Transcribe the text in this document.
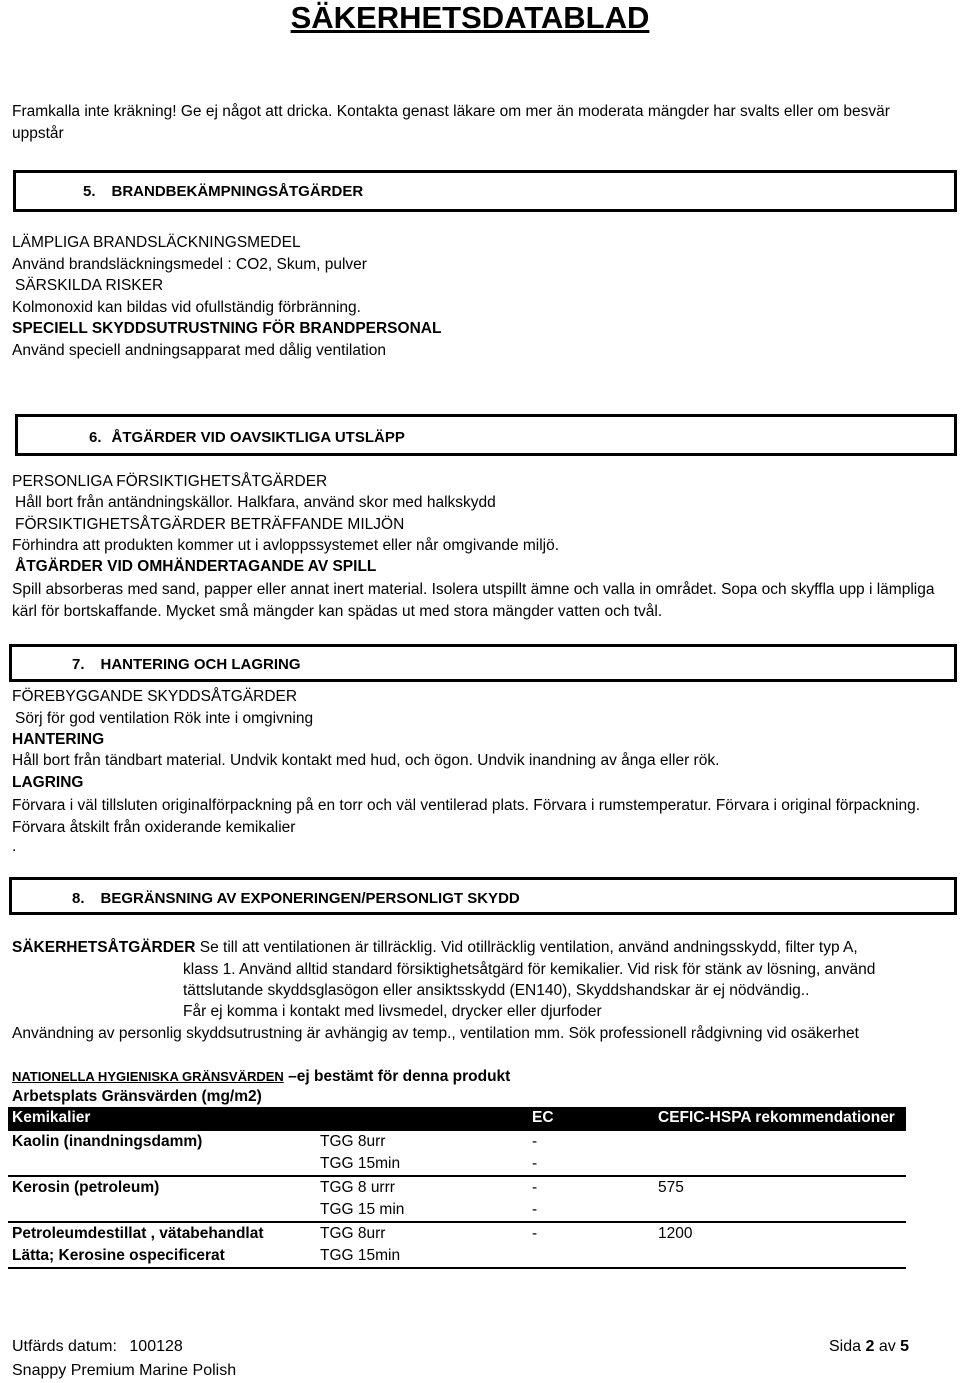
SÄKERHETSDATABLAD
Framkalla inte kräkning! Ge ej något att dricka. Kontakta genast läkare om mer än moderata mängder har svalts eller om besvär uppstår
5. BRANDBEKÄMPNINGSÅTGÄRDER
LÄMPLIGA BRANDSLÄCKNINGSMEDEL
Använd brandsläckningsmedel : CO2, Skum, pulver
SÄRSKILDA RISKER
Kolmonoxid kan bildas vid ofullständig förbränning.
SPECIELL SKYDDSUTRUSTNING FÖR BRANDPERSONAL
Använd speciell andningsapparat med dålig ventilation
6. ÅTGÄRDER VID OAVSIKTLIGA UTSLÄPP
PERSONLIGA FÖRSIKTIGHETSÅTGÄRDER
Håll bort från antändningskällor. Halkfara, använd skor med halkskydd
FÖRSIKTIGHETSÅTGÄRDER BETRÄFFANDE MILJÖN
Förhindra att produkten kommer ut i avloppssystemet eller når omgivande miljö.
ÅTGÄRDER VID OMHÄNDERTAGANDE AV SPILL
Spill absorberas med sand, papper eller annat inert material. Isolera utspillt ämne och valla in området. Sopa och skyffla upp i lämpliga kärl för bortskaffande. Mycket små mängder kan spädas ut med stora mängder vatten och tvål.
7. HANTERING OCH LAGRING
FÖREBYGGANDE SKYDDSÅTGÄRDER
Sörj för god ventilation Rök inte i omgivning
HANTERING
Håll bort från tändbart material. Undvik kontakt med hud, och ögon. Undvik inandning av ånga eller rök.
LAGRING
Förvara i väl tillsluten originalförpackning på en torr och väl ventilerad plats. Förvara i rumstemperatur. Förvara i original förpackning. Förvara åtskilt från oxiderande kemikalier
.
8. BEGRÄNSNING AV EXPONERINGEN/PERSONLIGT SKYDD
SÄKERHETSÅTGÄRDER Se till att ventilationen är tillräcklig. Vid otillräcklig ventilation, använd andningsskydd, filter typ A,
klass 1. Använd alltid standard försiktighetsåtgärd för kemikalier. Vid risk för stänk av lösning, använd
tättslutande skyddsglasögon eller ansiktsskydd (EN140), Skyddshandskar är ej nödvändig..
Får ej komma i kontakt med livsmedel, drycker eller djurfoder
Användning av personlig skyddsutrustning är avhängig av temp., ventilation mm. Sök professionell rådgivning vid osäkerhet
NATIONELLA HYGIENISKA GRÄNSVÄRDEN –ej bestämt för denna produkt
Arbetsplats Gränsvärden (mg/m2)
Kemikalier		EC	CEFIC-HSPA rekommendationer
Kaolin (inandningsdamm)	TGG 8urr	-	
	TGG 15min	-	
Kerosin (petroleum)	TGG 8 urrr	-	575
	TGG 15 min	-	
Petroleumdestillat , vätabehandlat	TGG 8urr	-	1200
Lätta; Kerosine ospecificerat	TGG 15min		
Utfärds datum: 100128
Snappy Premium Marine Polish
Sida 2 av 5
